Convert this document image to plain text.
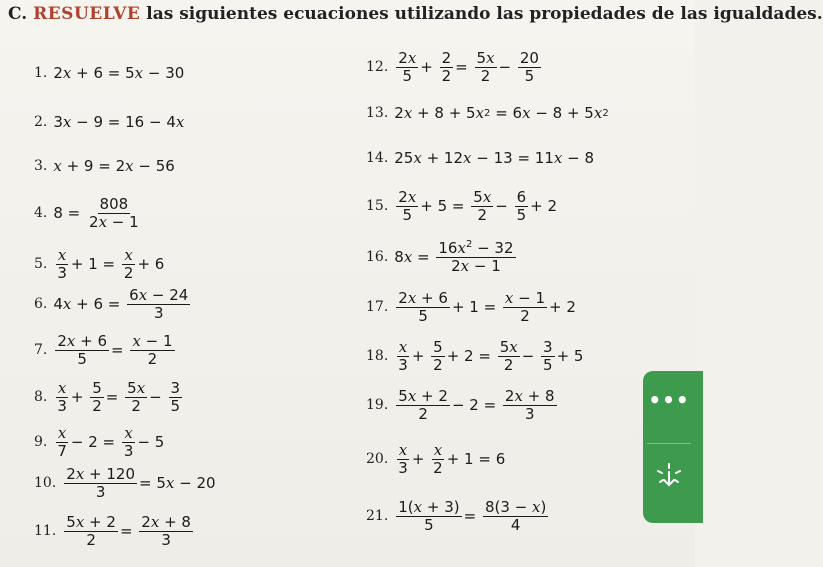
C. RESUELVE las siguientes ecuaciones utilizando las propiedades de las igualdades.
1. 2 x + 6 = 5 x − 30
2. 3 x − 9 = 16 − 4 x
3. x + 9 = 2 x − 56
4. $8 = \frac{808}{2x - 1}$
5. $\frac{x}{3} + 1 = \frac{x}{2} + 6$
6. 4 $x + 6 = \frac{6x - 24}{3}$
7. $\frac{2x + 6}{5} = \frac{x - 1}{2}$
8. $\frac{x}{3} + \frac{5}{2} = \frac{5x}{2} - \frac{3}{5}$
9. $\frac{x}{7} - 2 = \frac{x}{3} - 5$
10. $\frac{2x + 120}{3} = 5$ x − 20
11. $\frac{5x + 2}{2} = \frac{2x + 8}{3}$
12. $\frac{2x}{5} + \frac{2}{2} = \frac{5x}{2} - \frac{20}{5}$
13. 2 x + 8 + 5 x 2 = 6 x − 8 + 5 x 2
14. 25 x + 12 x − 13 = 11 x − 8
15. $\frac{2x}{5} + 5 = \frac{5x}{2} - \frac{6}{5} + 2$
16. 8 $x = \frac{16x^2 - 32}{2x - 1}$
17. $\frac{2x + 6}{5} + 1 = \frac{x - 1}{2} + 2$
18. $\frac{x}{3} + \frac{5}{2} + 2 = \frac{5x}{2} - \frac{3}{5} + 5$
19. $\frac{5x + 2}{2} - 2 = \frac{2x + 8}{3}$
20. $\frac{x}{3} + \frac{x}{2} + 1 = 6$
21. $\frac{1(x + 3)}{5} = \frac{8(3 - x)}{4}$
•••
